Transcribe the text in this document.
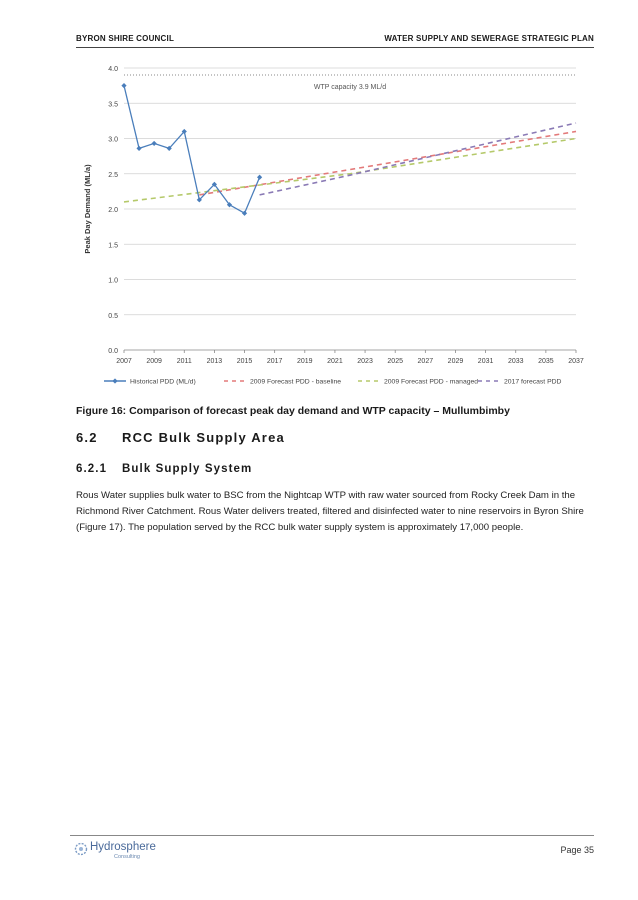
BYRON SHIRE COUNCIL	WATER SUPPLY AND SEWERAGE STRATEGIC PLAN
0.0
0.5
1.0
1.5
2.0
2.5
3.0
3.5
4.0
2007 2009 2011 2013 2015 2017 2019 2021 2023 2025 2027 2029 2031 2033 2035 2037
Peak Day Demand (ML/a)
WTP capacity 3.9 ML/d
Historical PDD (ML/d)	2009 Forecast PDD - baseline	2009 Forecast PDD - managed	2017 forecast PDD
Figure 16: Comparison of forecast peak day demand and WTP capacity – Mullumbimby
6.2 RCC Bulk Supply Area
6.2.1 Bulk Supply System
Rous Water supplies bulk water to BSC from the Nightcap WTP with raw water sourced from Rocky Creek Dam in the Richmond River Catchment. Rous Water delivers treated, filtered and disinfected water to nine reservoirs in Byron Shire (Figure 17). The population served by the RCC bulk water supply system is approximately 17,000 people.
Hydrosphere
Consulting
Page 35
